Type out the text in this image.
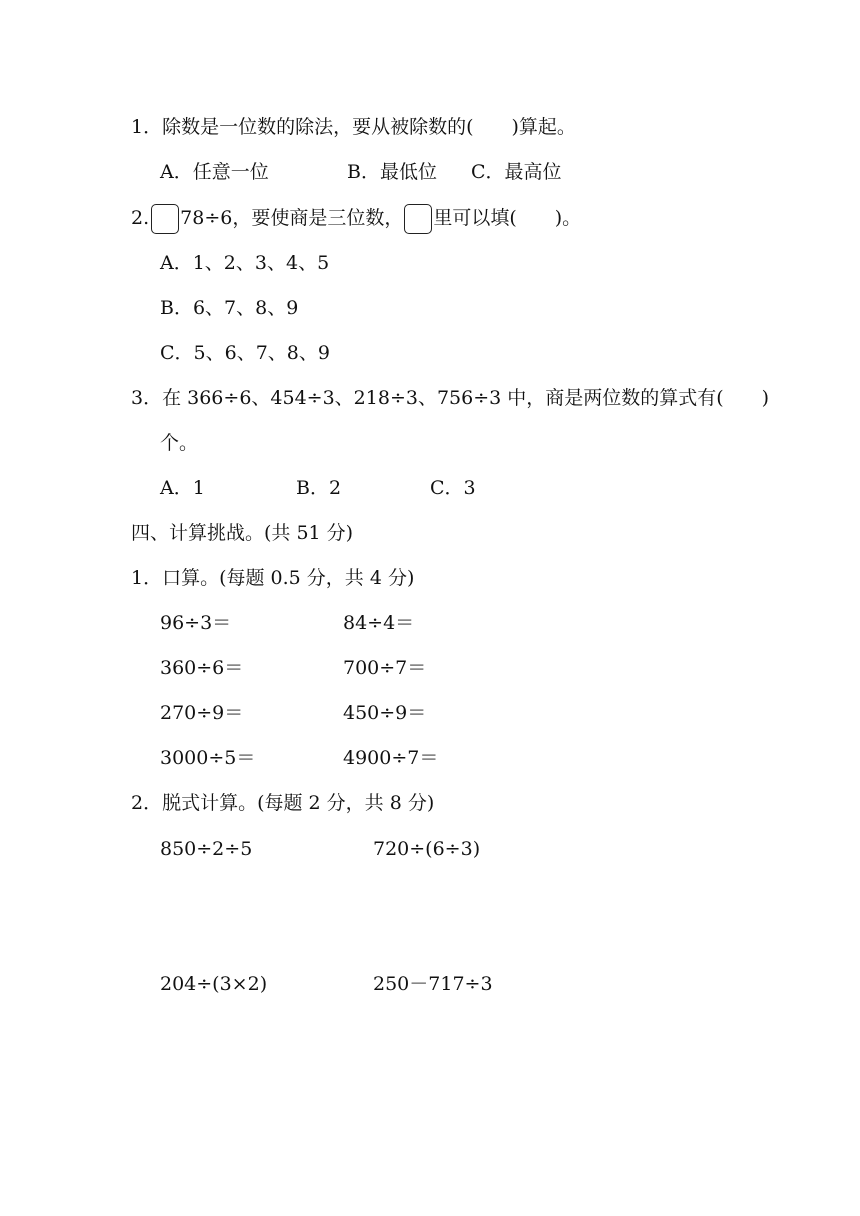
1．除数是一位数的除法，要从被除数的(　　)算起。
A．任意一位	B．最低位 C．最高位
2. 78÷6，要使商是三位数， 里可以填(　　)。
A．1、2、3、4、5
B．6、7、8、9
C．5、6、7、8、9
3．在 366÷6、454÷3、218÷3、756÷3 中，商是两位数的算式有(　　)
个。
A．1	B．2	C．3
四、计算挑战。(共 51 分)
1．口算。(每题 0.5 分，共 4 分)
96÷3＝	84÷4＝
360÷6＝	700÷7＝
270÷9＝	450÷9＝
3000÷5＝	4900÷7＝
2．脱式计算。(每题 2 分，共 8 分)
850÷2÷5	720÷(6÷3)
204÷(3×2)	250－717÷3
